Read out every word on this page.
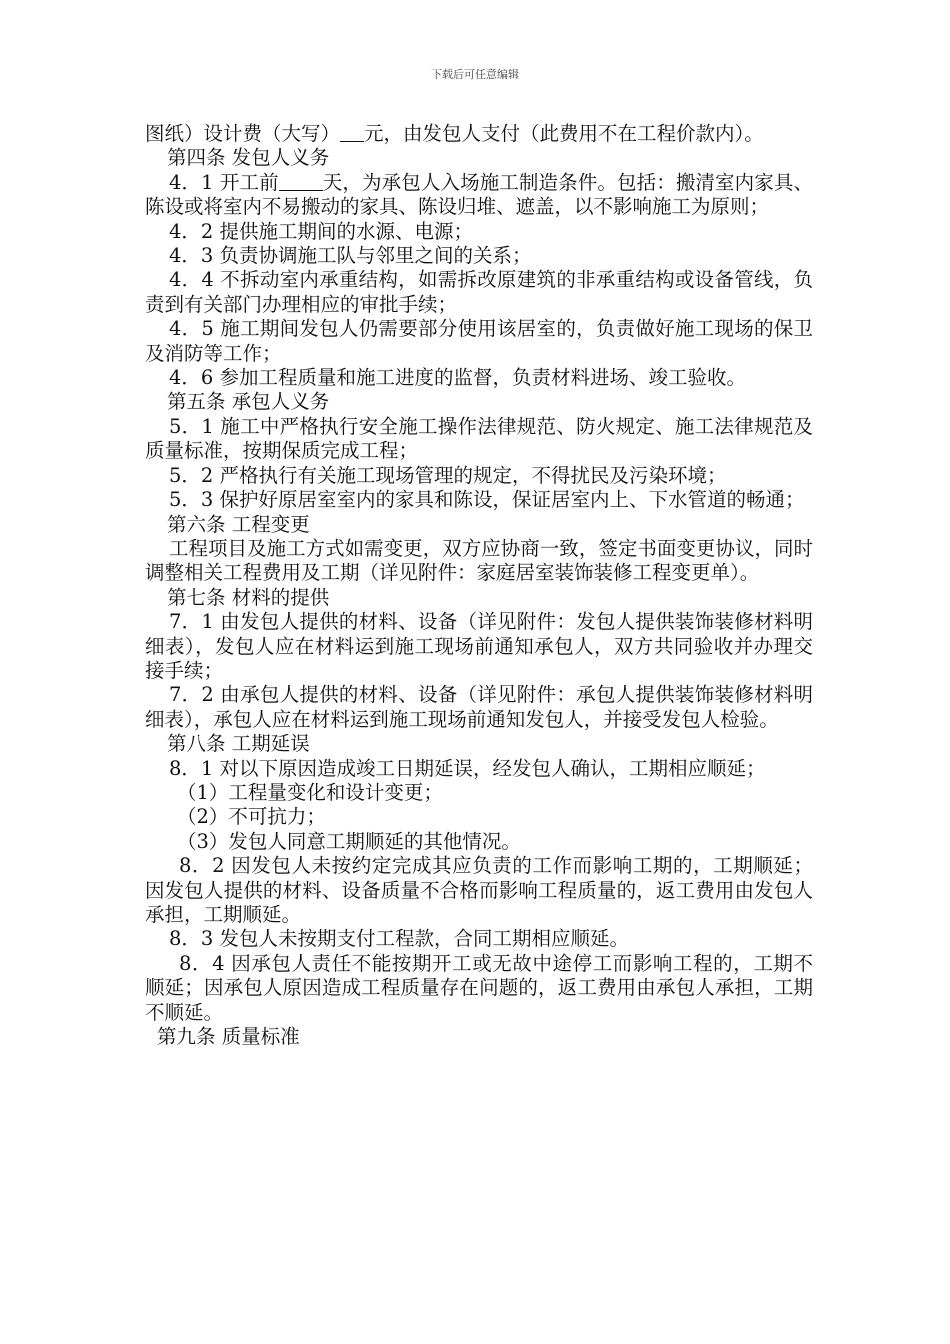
下载后可任意编辑

图纸）设计费（大写） 元，由发包人支付（此费用不在工程价款内）。

第四条 发包人义务

4．1 开工前 天，为承包人入场施工制造条件。包括：搬清室内家具、陈设或将室内不易搬动的家具、陈设归堆、遮盖，以不影响施工为原则；

4．2 提供施工期间的水源、电源；

4．3 负责协调施工队与邻里之间的关系；

4．4 不拆动室内承重结构，如需拆改原建筑的非承重结构或设备管线，负责到有关部门办理相应的审批手续；

4．5 施工期间发包人仍需要部分使用该居室的，负责做好施工现场的保卫及消防等工作；

4．6 参加工程质量和施工进度的监督，负责材料进场、竣工验收。

第五条 承包人义务

5．1 施工中严格执行安全施工操作法律规范、防火规定、施工法律规范及质量标准，按期保质完成工程；

5．2 严格执行有关施工现场管理的规定，不得扰民及污染环境；

5．3 保护好原居室室内的家具和陈设，保证居室内上、下水管道的畅通；

第六条 工程变更

工程项目及施工方式如需变更，双方应协商一致，签定书面变更协议，同时调整相关工程费用及工期（详见附件：家庭居室装饰装修工程变更单）。

第七条 材料的提供

7．1 由发包人提供的材料、设备（详见附件：发包人提供装饰装修材料明细表），发包人应在材料运到施工现场前通知承包人，双方共同验收并办理交接手续；

7．2 由承包人提供的材料、设备（详见附件：承包人提供装饰装修材料明细表），承包人应在材料运到施工现场前通知发包人，并接受发包人检验。

第八条 工期延误

8．1 对以下原因造成竣工日期延误，经发包人确认，工期相应顺延；

（1）工程量变化和设计变更；

（2）不可抗力；

（3）发包人同意工期顺延的其他情况。

8．2 因发包人未按约定完成其应负责的工作而影响工期的，工期顺延；因发包人提供的材料、设备质量不合格而影响工程质量的，返工费用由发包人承担，工期顺延。

8．3 发包人未按期支付工程款，合同工期相应顺延。

8．4 因承包人责任不能按期开工或无故中途停工而影响工程的，工期不顺延；因承包人原因造成工程质量存在问题的，返工费用由承包人承担，工期不顺延。

第九条 质量标准
